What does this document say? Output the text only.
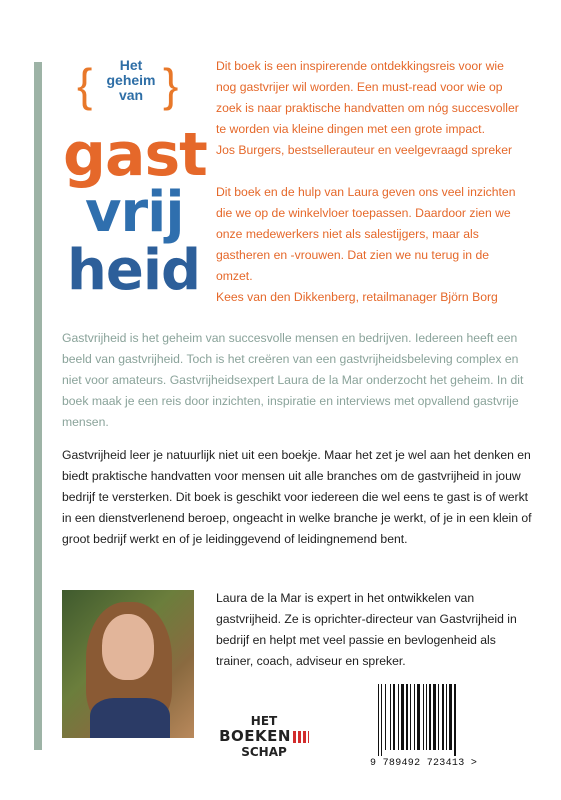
{	Het
geheim
van }
gast
vrij
heid

Dit boek is een inspirerende ontdekkingsreis voor wie nog gastvrijer wil worden. Een must-read voor wie op zoek is naar praktische handvatten om nóg succesvoller te worden via kleine dingen met een grote impact.

Jos Burgers, bestsellerauteur en veelgevraagd spreker

Dit boek en de hulp van Laura geven ons veel inzichten die we op de winkelvloer toepassen. Daardoor zien we onze medewerkers niet als salestijgers, maar als gastheren en -vrouwen. Dat zien we nu terug in de omzet.

Kees van den Dikkenberg, retailmanager Björn Borg

Gastvrijheid is het geheim van succesvolle mensen en bedrijven. Iedereen heeft een beeld van gastvrijheid. Toch is het creëren van een gastvrijheidsbeleving complex en niet voor amateurs. Gastvrijheidsexpert Laura de la Mar onderzocht het geheim. In dit boek maak je een reis door inzichten, inspiratie en interviews met opvallend gastvrije mensen.

Gastvrijheid leer je natuurlijk niet uit een boekje. Maar het zet je wel aan het denken en biedt praktische handvatten voor mensen uit alle branches om de gastvrijheid in jouw bedrijf te versterken. Dit boek is geschikt voor iedereen die wel eens te gast is of werkt in een dienstverlenend beroep, ongeacht in welke branche je werkt, of je in een klein of groot bedrijf werkt en of je leidinggevend of leidingnemend bent.

Laura de la Mar is expert in het ontwikkelen van gastvrijheid. Ze is oprichter-directeur van Gastvrijheid in bedrijf en helpt met veel passie en bevlogenheid als trainer, coach, adviseur en spreker.

HET
BOEKEN
SCHAP
9 789492 723413 >
